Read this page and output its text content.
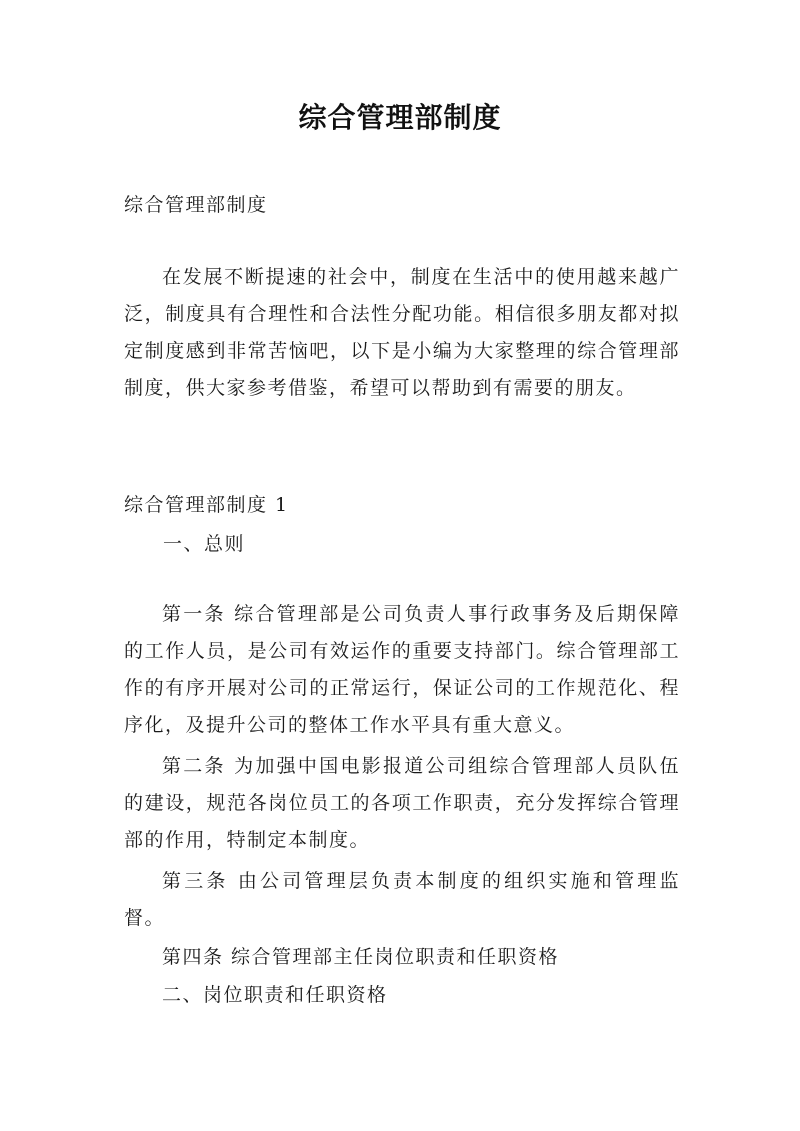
综合管理部制度
综合管理部制度
在发展不断提速的社会中，制度在生活中的使用越来越广泛，制度具有合理性和合法性分配功能。相信很多朋友都对拟定制度感到非常苦恼吧，以下是小编为大家整理的综合管理部制度，供大家参考借鉴，希望可以帮助到有需要的朋友。
综合管理部制度 1
一、总则
第一条 综合管理部是公司负责人事行政事务及后期保障的工作人员，是公司有效运作的重要支持部门。综合管理部工作的有序开展对公司的正常运行，保证公司的工作规范化、程序化，及提升公司的整体工作水平具有重大意义。
第二条 为加强中国电影报道公司组综合管理部人员队伍的建设，规范各岗位员工的各项工作职责，充分发挥综合管理部的作用，特制定本制度。
第三条 由公司管理层负责本制度的组织实施和管理监督。
第四条 综合管理部主任岗位职责和任职资格
二、岗位职责和任职资格
